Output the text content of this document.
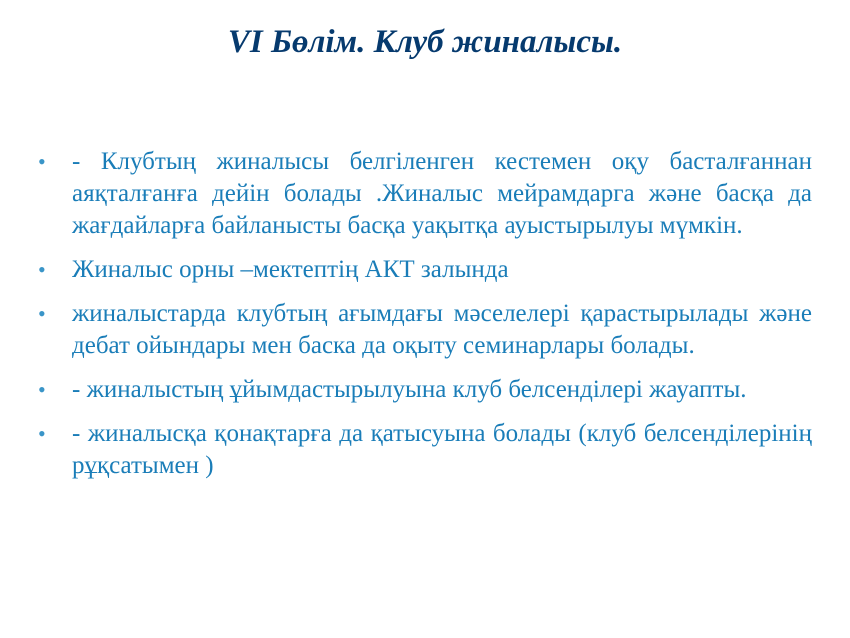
VI Бөлім. Клуб жиналысы.
• - Клубтың жиналысы белгіленген кестемен оқу басталғаннан аяқталғанға дейін болады .Жиналыс мейрамдарга және басқа да жағдайларға байланысты басқа уақытқа ауыстырылуы мүмкін.
• Жиналыс орны –мектептің АКТ залында
• жиналыстарда клубтың ағымдағы мәселелері қарастырылады және дебат ойындары мен баска да оқыту семинарлары болады.
• - жиналыстың ұйымдастырылуына клуб белсенділері жауапты.
• - жиналысқа қонақтарға да қатысуына болады (клуб белсенділерінің рұқсатымен )
